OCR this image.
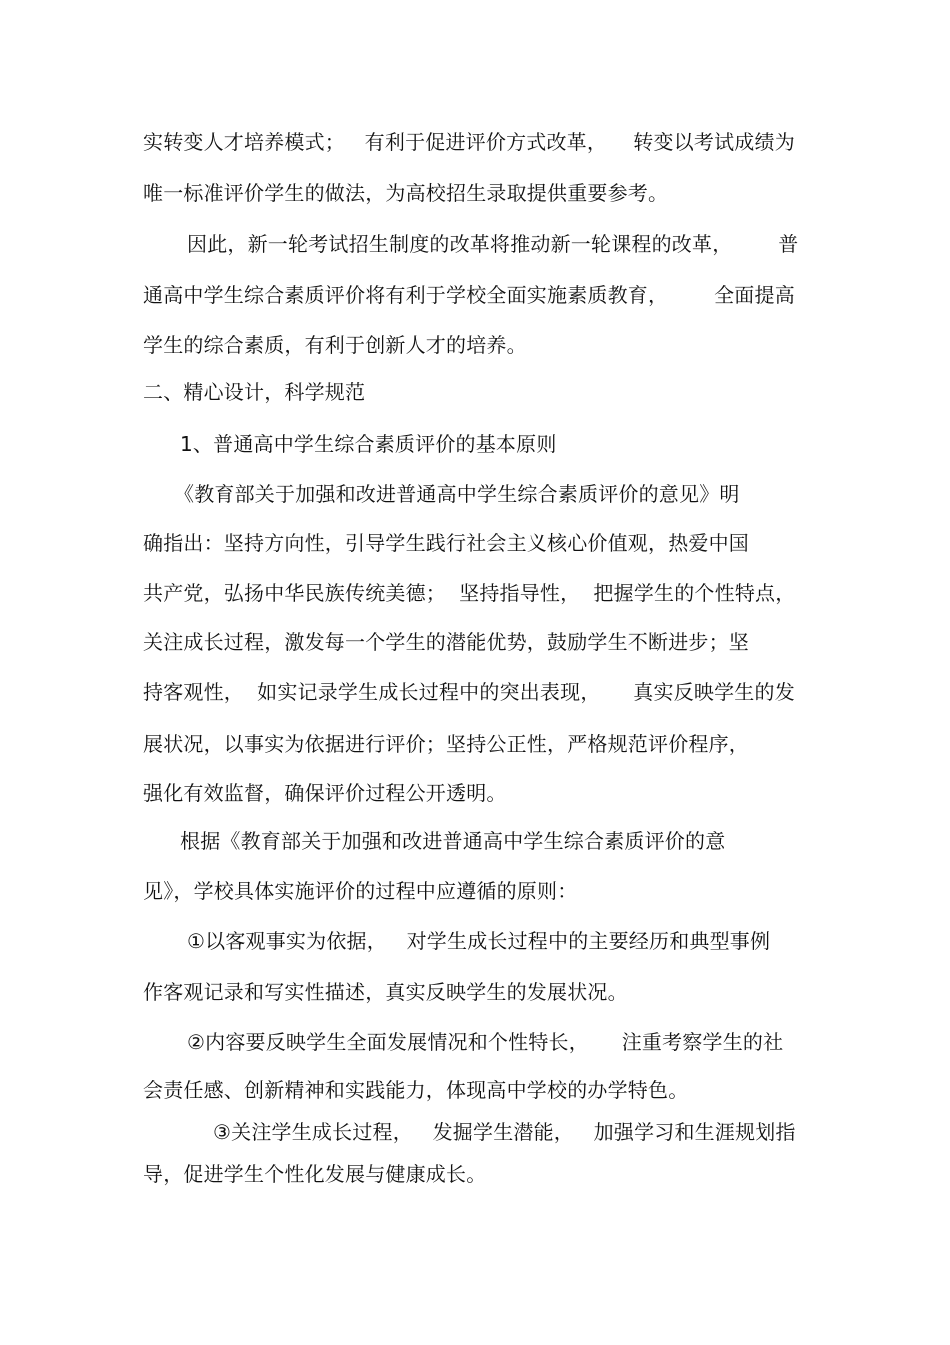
实转变人才培养模式；   有利于促进评价方式改革，    转变以考试成绩为
唯一标准评价学生的做法，为高校招生录取提供重要参考。
因此，新一轮考试招生制度的改革将推动新一轮课程的改革，       普
通高中学生综合素质评价将有利于学校全面实施素质教育，       全面提高
学生的综合素质，有利于创新人才的培养。
二、精心设计，科学规范
1、普通高中学生综合素质评价的基本原则
《教育部关于加强和改进普通高中学生综合素质评价的意见》明
确指出：坚持方向性，引导学生践行社会主义核心价值观，热爱中国
共产党，弘扬中华民族传统美德；  坚持指导性，  把握学生的个性特点，
关注成长过程，激发每一个学生的潜能优势，鼓励学生不断进步；坚
持客观性，  如实记录学生成长过程中的突出表现，     真实反映学生的发
展状况，以事实为依据进行评价；坚持公正性，严格规范评价程序，
强化有效监督，确保评价过程公开透明。
根据《教育部关于加强和改进普通高中学生综合素质评价的意
见》，学校具体实施评价的过程中应遵循的原则：
①以客观事实为依据，   对学生成长过程中的主要经历和典型事例
作客观记录和写实性描述，真实反映学生的发展状况。
②内容要反映学生全面发展情况和个性特长，     注重考察学生的社
会责任感、创新精神和实践能力，体现高中学校的办学特色。
③关注学生成长过程，   发掘学生潜能，   加强学习和生涯规划指
导，促进学生个性化发展与健康成长。
